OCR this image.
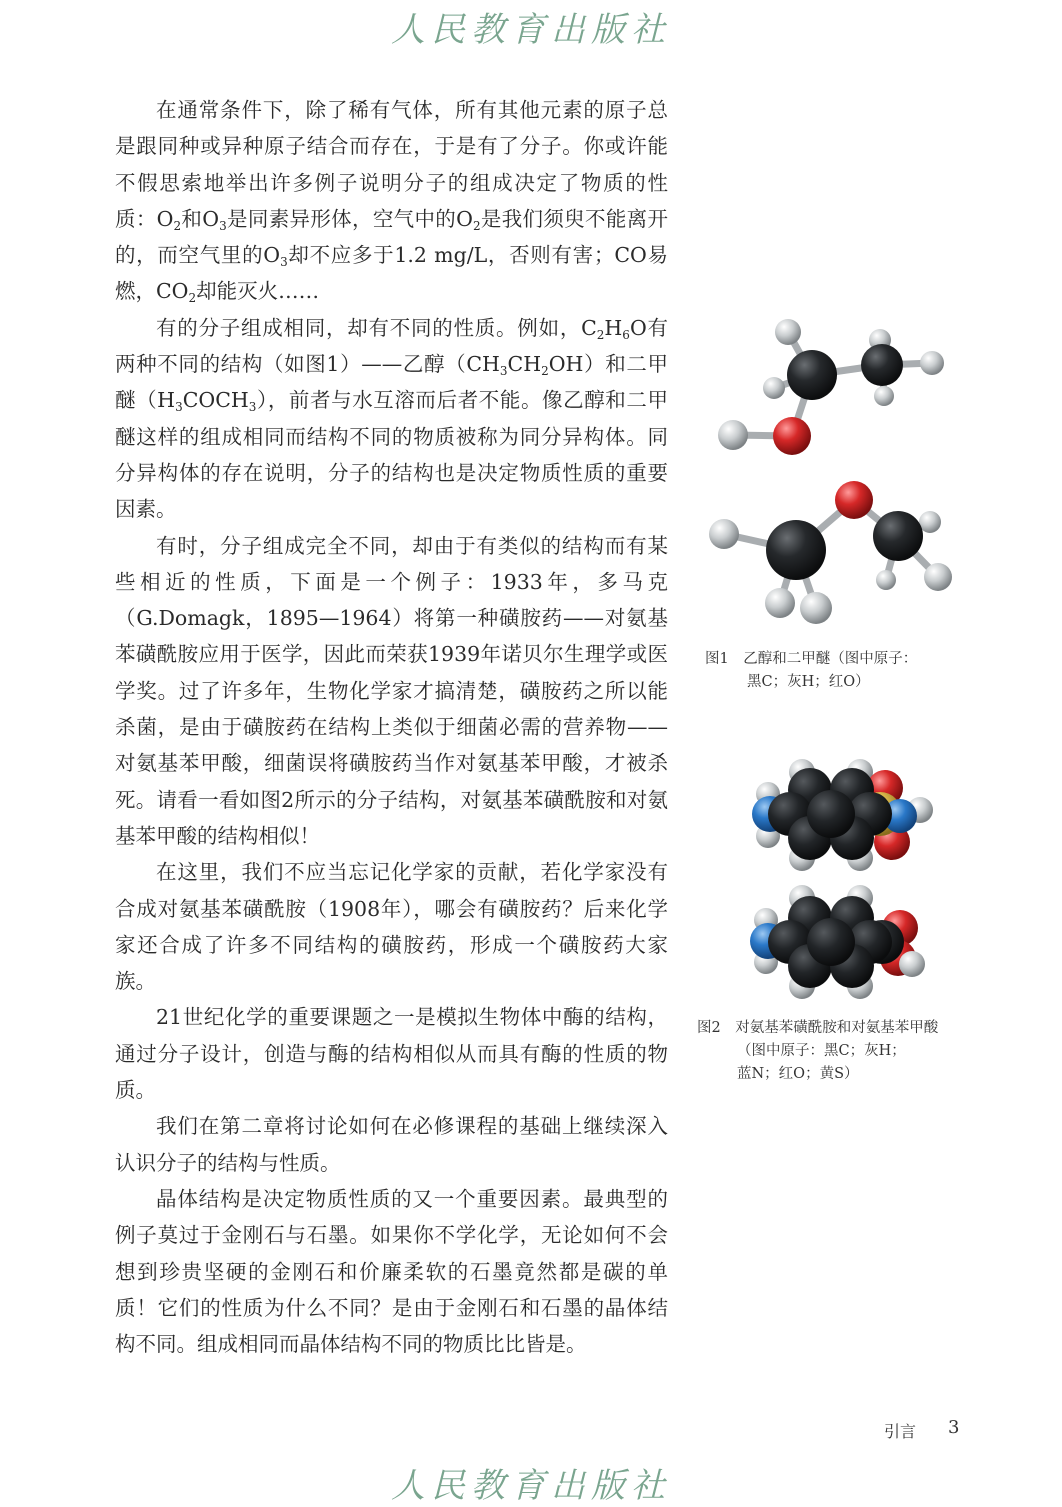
人民教育出版社

在通常条件下，除了稀有气体，所有其他元素的原子总是跟同种或异种原子结合而存在，于是有了分子。你或许能不假思索地举出许多例子说明分子的组成决定了物质的性质：$O_2$和$O_3$是同素异形体，空气中的$O_2$是我们须臾不能离开的，而空气里的$O_3$却不应多于1.2 mg/L，否则有害；CO易燃，$CO_2$却能灭火……

有的分子组成相同，却有不同的性质。例如，$C_2H_6O$有两种不同的结构（如图1）——乙醇$(CH_3CH_2OH)$和二甲醚$(H_3COCH_3)$，前者与水互溶而后者不能。像乙醇和二甲醚这样的组成相同而结构不同的物质被称为同分异构体。同分异构体的存在说明，分子的结构也是决定物质性质的重要因素。

有时，分子组成完全不同，却由于有类似的结构而有某些相近的性质，下面是一个例子：1933年，多马克（G.Domagk，1895—1964）将第一种磺胺药——对氨基苯磺酰胺应用于医学，因此而荣获1939年诺贝尔生理学或医学奖。过了许多年，生物化学家才搞清楚，磺胺药之所以能杀菌，是由于磺胺药在结构上类似于细菌必需的营养物——对氨基苯甲酸，细菌误将磺胺药当作对氨基苯甲酸，才被杀死。请看一看如图2所示的分子结构，对氨基苯磺酰胺和对氨基苯甲酸的结构相似！

在这里，我们不应当忘记化学家的贡献，若化学家没有合成对氨基苯磺酰胺（1908年），哪会有磺胺药？后来化学家还合成了许多不同结构的磺胺药，形成一个磺胺药大家族。

21世纪化学的重要课题之一是模拟生物体中酶的结构，通过分子设计，创造与酶的结构相似从而具有酶的性质的物质。

我们在第二章将讨论如何在必修课程的基础上继续深入认识分子的结构与性质。

晶体结构是决定物质性质的又一个重要因素。最典型的例子莫过于金刚石与石墨。如果你不学化学，无论如何不会想到珍贵坚硬的金刚石和价廉柔软的石墨竟然都是碳的单质！它们的性质为什么不同？是由于金刚石和石墨的晶体结构不同。组成相同而晶体结构不同的物质比比皆是。

图1　乙醇和二甲醚（图中原子：
黑C；灰H；红O）
图2　对氨基苯磺酰胺和对氨基苯甲酸
（图中原子：黑C；灰H；
蓝N；红O；黄S）
引言 3
人民教育出版社
